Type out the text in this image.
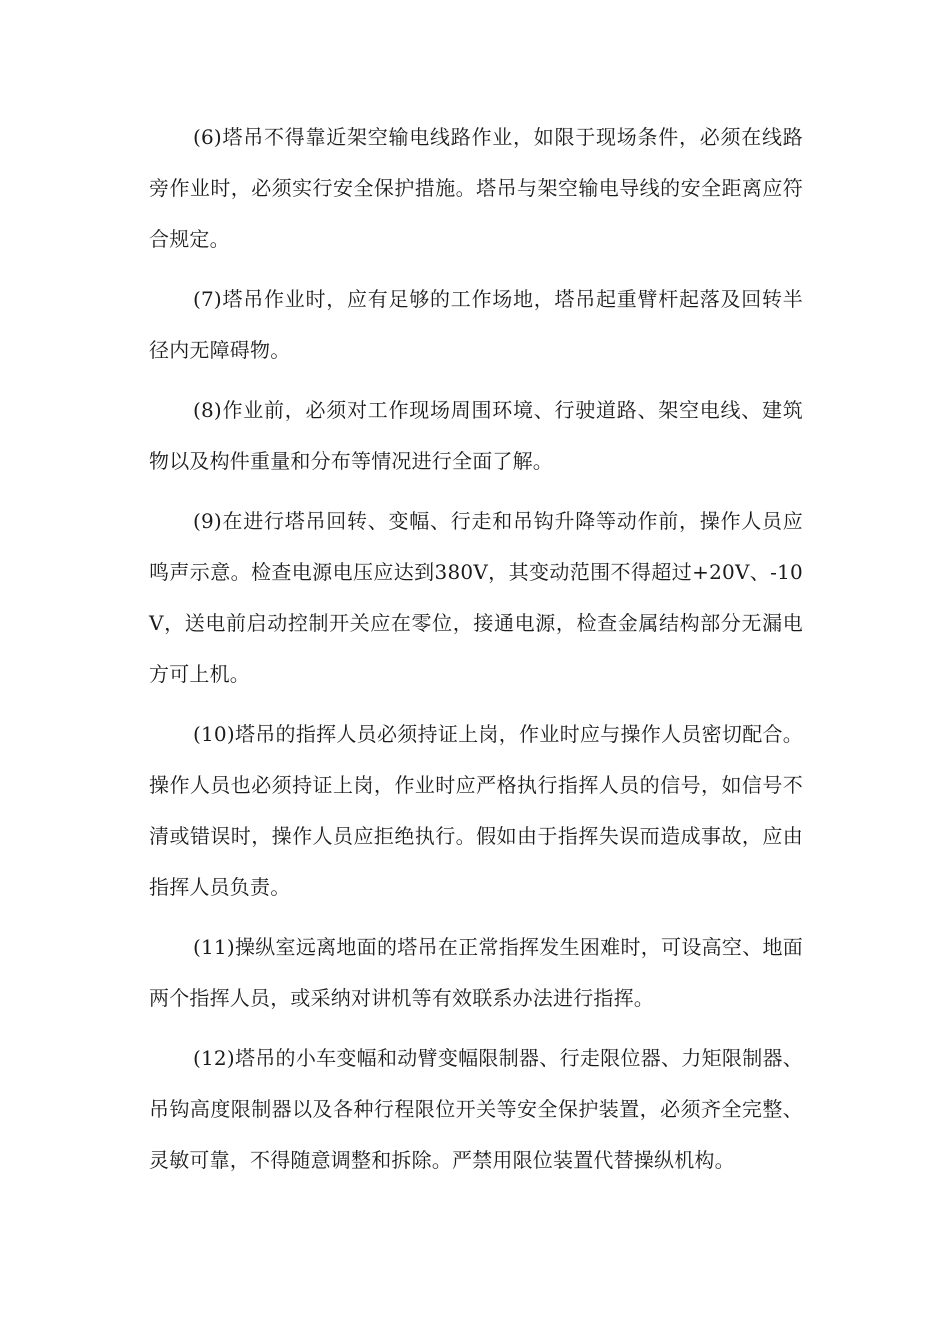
(6)塔吊不得靠近架空输电线路作业，如限于现场条件，必须在线路旁作业时，必须实行安全保护措施。塔吊与架空输电导线的安全距离应符合规定。

(7)塔吊作业时，应有足够的工作场地，塔吊起重臂杆起落及回转半径内无障碍物。

(8)作业前，必须对工作现场周围环境、行驶道路、架空电线、建筑物以及构件重量和分布等情况进行全面了解。

(9)在进行塔吊回转、变幅、行走和吊钩升降等动作前，操作人员应鸣声示意。检查电源电压应达到380V，其变动范围不得超过+20V、-10V，送电前启动控制开关应在零位，接通电源，检查金属结构部分无漏电方可上机。

(10)塔吊的指挥人员必须持证上岗，作业时应与操作人员密切配合。操作人员也必须持证上岗，作业时应严格执行指挥人员的信号，如信号不清或错误时，操作人员应拒绝执行。假如由于指挥失误而造成事故，应由指挥人员负责。

(11)操纵室远离地面的塔吊在正常指挥发生困难时，可设高空、地面两个指挥人员，或采纳对讲机等有效联系办法进行指挥。

(12)塔吊的小车变幅和动臂变幅限制器、行走限位器、力矩限制器、吊钩高度限制器以及各种行程限位开关等安全保护装置，必须齐全完整、灵敏可靠，不得随意调整和拆除。严禁用限位装置代替操纵机构。
